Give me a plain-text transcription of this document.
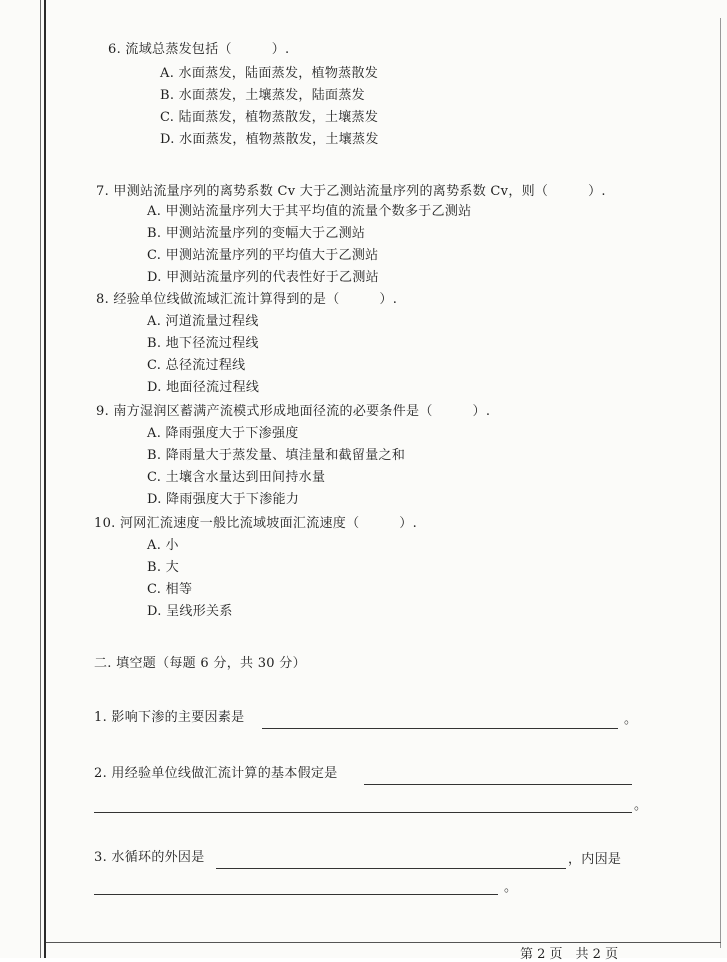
6. 流域总蒸发包括（　　　）.
A. 水面蒸发，陆面蒸发，植物蒸散发
B. 水面蒸发，土壤蒸发，陆面蒸发
C. 陆面蒸发，植物蒸散发，土壤蒸发
D. 水面蒸发，植物蒸散发，土壤蒸发
7. 甲测站流量序列的离势系数 Cv 大于乙测站流量序列的离势系数 Cv，则（　　　）.
A. 甲测站流量序列大于其平均值的流量个数多于乙测站
B. 甲测站流量序列的变幅大于乙测站
C. 甲测站流量序列的平均值大于乙测站
D. 甲测站流量序列的代表性好于乙测站
8. 经验单位线做流域汇流计算得到的是（　　　）.
A. 河道流量过程线
B. 地下径流过程线
C. 总径流过程线
D. 地面径流过程线
9. 南方湿润区蓄满产流模式形成地面径流的必要条件是（　　　）.
A. 降雨强度大于下渗强度
B. 降雨量大于蒸发量、填洼量和截留量之和
C. 土壤含水量达到田间持水量
D. 降雨强度大于下渗能力
10. 河网汇流速度一般比流域坡面汇流速度（　　　）.
A. 小
B. 大
C. 相等
D. 呈线形关系
二. 填空题（每题 6 分，共 30 分）
1. 影响下渗的主要因素是	。
2. 用经验单位线做汇流计算的基本假定是
。
3. 水循环的外因是	，内因是
。
第 2 页　共 2 页
